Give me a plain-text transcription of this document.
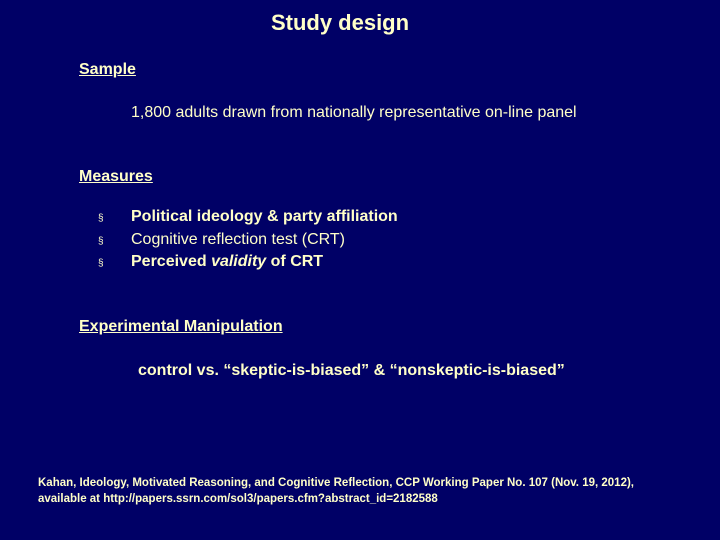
Study design
Sample

1,800 adults drawn from nationally representative on-line panel

Measures
§	Political ideology & party affiliation
§	Cognitive reflection test (CRT)
§	Perceived validity of CRT
Experimental Manipulation

control vs. “skeptic-is-biased” & “nonskeptic-is-biased”

Kahan, Ideology, Motivated Reasoning, and Cognitive Reflection, CCP Working Paper No. 107 (Nov. 19, 2012),
available at http://papers.ssrn.com/sol3/papers.cfm?abstract_id=2182588
